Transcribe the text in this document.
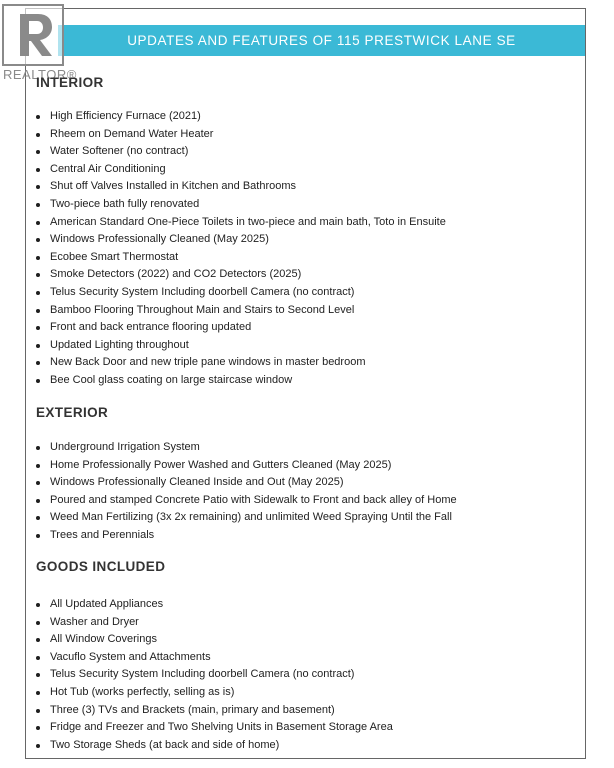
UPDATES AND FEATURES OF 115 PRESTWICK LANE SE
REALTOR®
INTERIOR
High Efficiency Furnace (2021)
Rheem on Demand Water Heater
Water Softener (no contract)
Central Air Conditioning
Shut off Valves Installed in Kitchen and Bathrooms
Two-piece bath fully renovated
American Standard One-Piece Toilets in two-piece and main bath, Toto in Ensuite
Windows Professionally Cleaned (May 2025)
Ecobee Smart Thermostat
Smoke Detectors (2022) and CO2 Detectors (2025)
Telus Security System Including doorbell Camera (no contract)
Bamboo Flooring Throughout Main and Stairs to Second Level
Front and back entrance flooring updated
Updated Lighting throughout
New Back Door and new triple pane windows in master bedroom
Bee Cool glass coating on large staircase window
EXTERIOR
Underground Irrigation System
Home Professionally Power Washed and Gutters Cleaned (May 2025)
Windows Professionally Cleaned Inside and Out (May 2025)
Poured and stamped Concrete Patio with Sidewalk to Front and back alley of Home
Weed Man Fertilizing (3x 2x remaining) and unlimited Weed Spraying Until the Fall
Trees and Perennials
GOODS INCLUDED
All Updated Appliances
Washer and Dryer
All Window Coverings
Vacuflo System and Attachments
Telus Security System Including doorbell Camera (no contract)
Hot Tub (works perfectly, selling as is)
Three (3) TVs and Brackets (main, primary and basement)
Fridge and Freezer and Two Shelving Units in Basement Storage Area
Two Storage Sheds (at back and side of home)
